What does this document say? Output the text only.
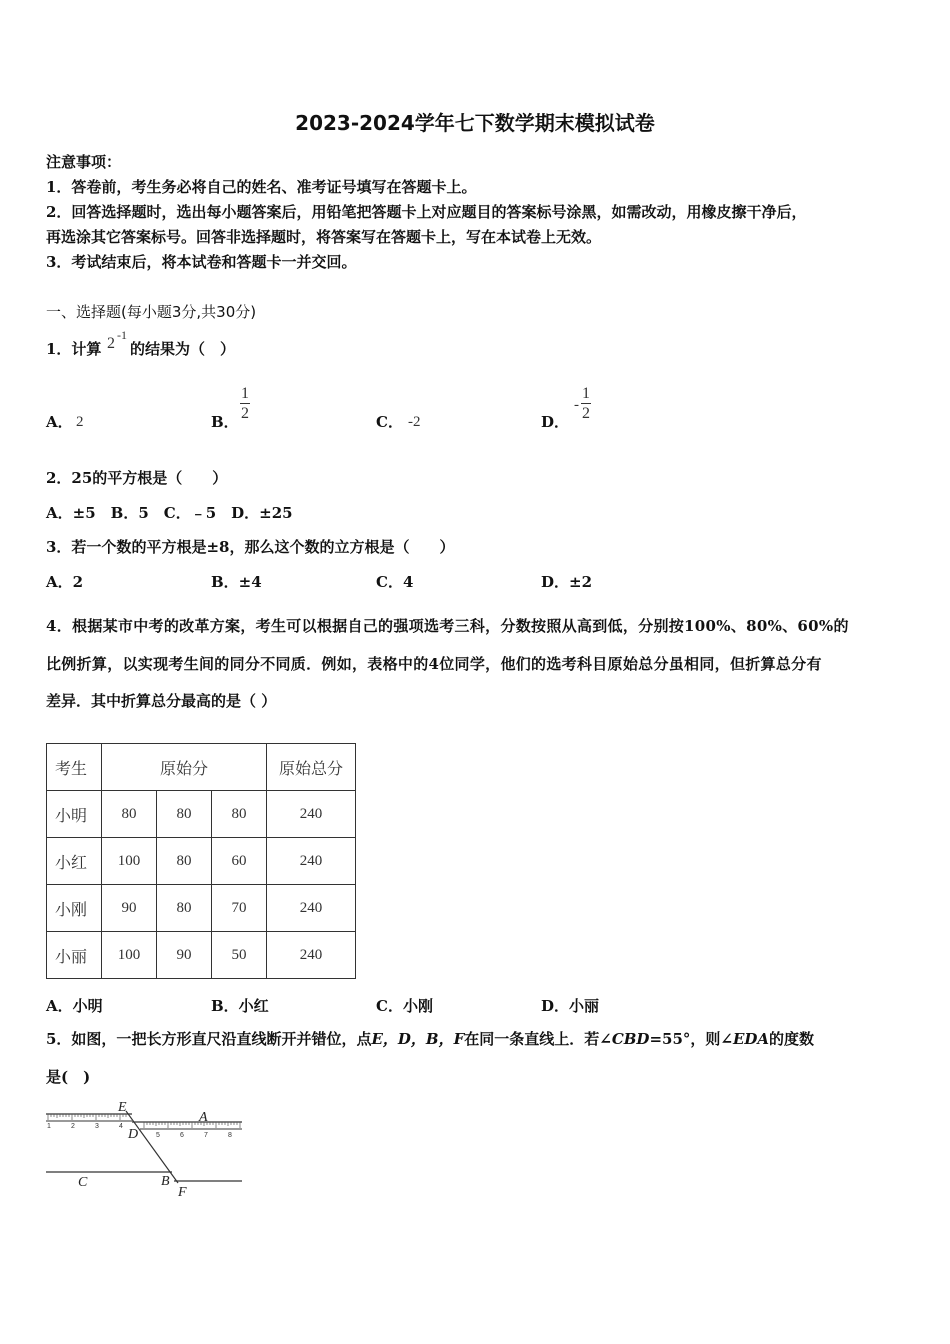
2023-2024学年七下数学期末模拟试卷
注意事项：
1．答卷前，考生务必将自己的姓名、准考证号填写在答题卡上。
2．回答选择题时，选出每小题答案后，用铅笔把答题卡上对应题目的答案标号涂黑，如需改动，用橡皮擦干净后，
再选涂其它答案标号。回答非选择题时，将答案写在答题卡上，写在本试卷上无效。
3．考试结束后，将本试卷和答题卡一并交回。
一、选择题(每小题3分,共30分)
1．计算 2 -1
的结果为（　）
A． 2	B．
1
2	C． -2	D．
-
1
2
2．25的平方根是（　　）
A．±5　B．5　C．﹣5　D．±25
3．若一个数的平方根是±8，那么这个数的立方根是（　　）
A．2	B．±4	C．4	D．±2
4．根据某市中考的改革方案，考生可以根据自己的强项选考三科，分数按照从高到低，分别按100%、80%、60%的
比例折算，以实现考生间的同分不同质．例如，表格中的4位同学，他们的选考科目原始总分虽相同，但折算总分有
差异．其中折算总分最高的是（ ）
考生	原始分			原始总分
小明	80	80	80	240
小红	100	80	60	240
小刚	90	80	70	240
小丽	100	90	50	240
A．小明	B．小红	C．小刚	D．小丽
5．如图，一把长方形直尺沿直线断开并错位，点E，D，B，F在同一条直线上．若∠CBD=55°，则∠EDA的度数
是(　)
1	2	3	4
5	6	7	8
E
A
D
C	B
F
